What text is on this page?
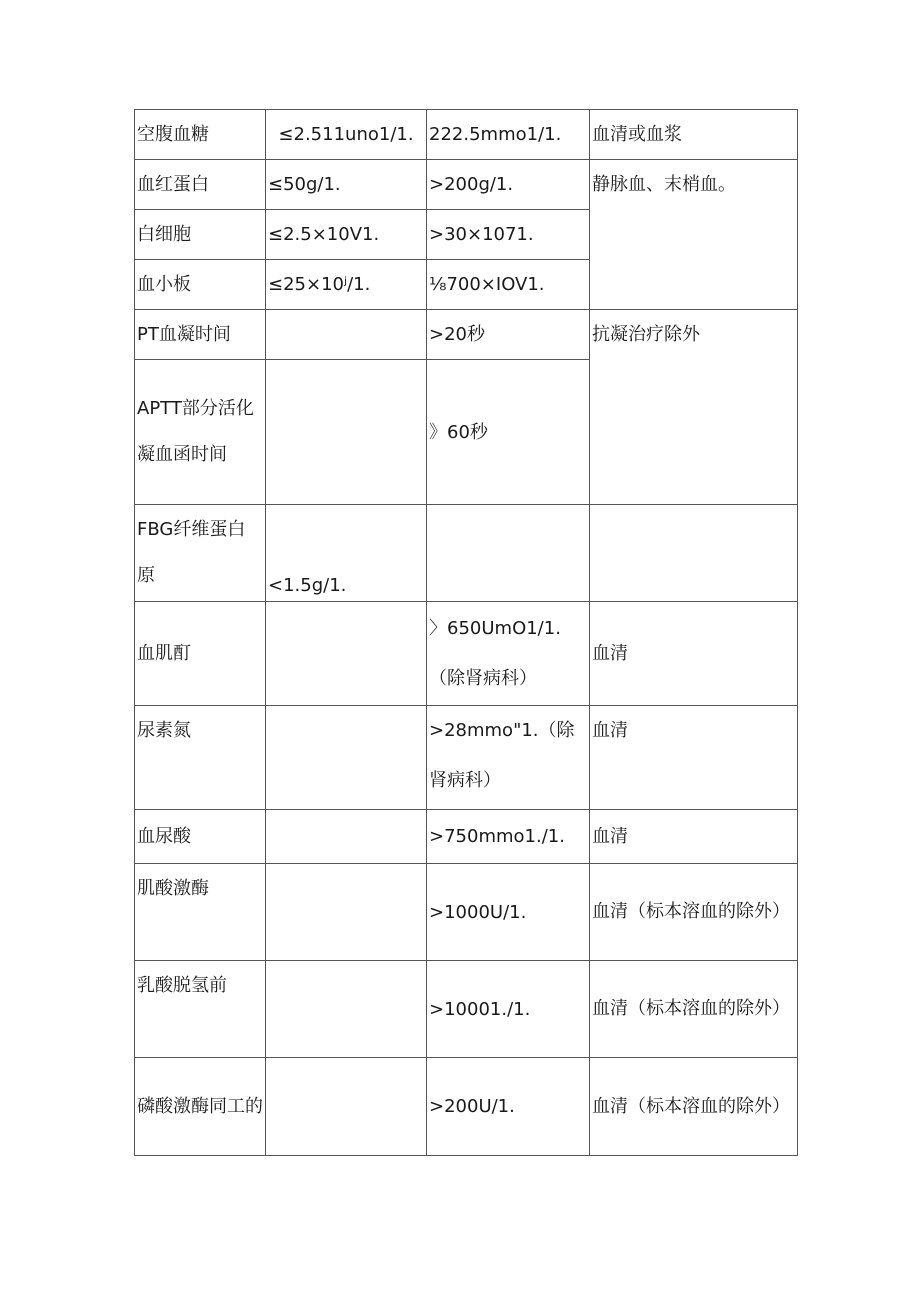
空腹血糖	≤2.511uno1/1.	222.5mmo1/1.	血清或血浆
血红蛋白	≤50g/1.	>200g/1.	静脉血、末梢血。
白细胞	≤2.5×10V1.	>30×1071.	
血小板	≤25×10ʲ/1.	⅛700×IOV1.	
PT血凝时间		>20秒	抗凝治疗除外
APTT部分活化凝血函时间		》60秒	
FBG纤维蛋白原	<1.5g/1.		
血肌酊		〉650UmO1/1.（除肾病科）	血清
尿素氮		>28mmo"1.（除肾病科）	血清
血尿酸		>750mmo1./1.	血清
肌酸激酶		>1000U/1.	血清（标本溶血的除外）
乳酸脱氢前		>10001./1.	血清（标本溶血的除外）
磷酸激酶同工的		>200U/1.	血清（标本溶血的除外）
